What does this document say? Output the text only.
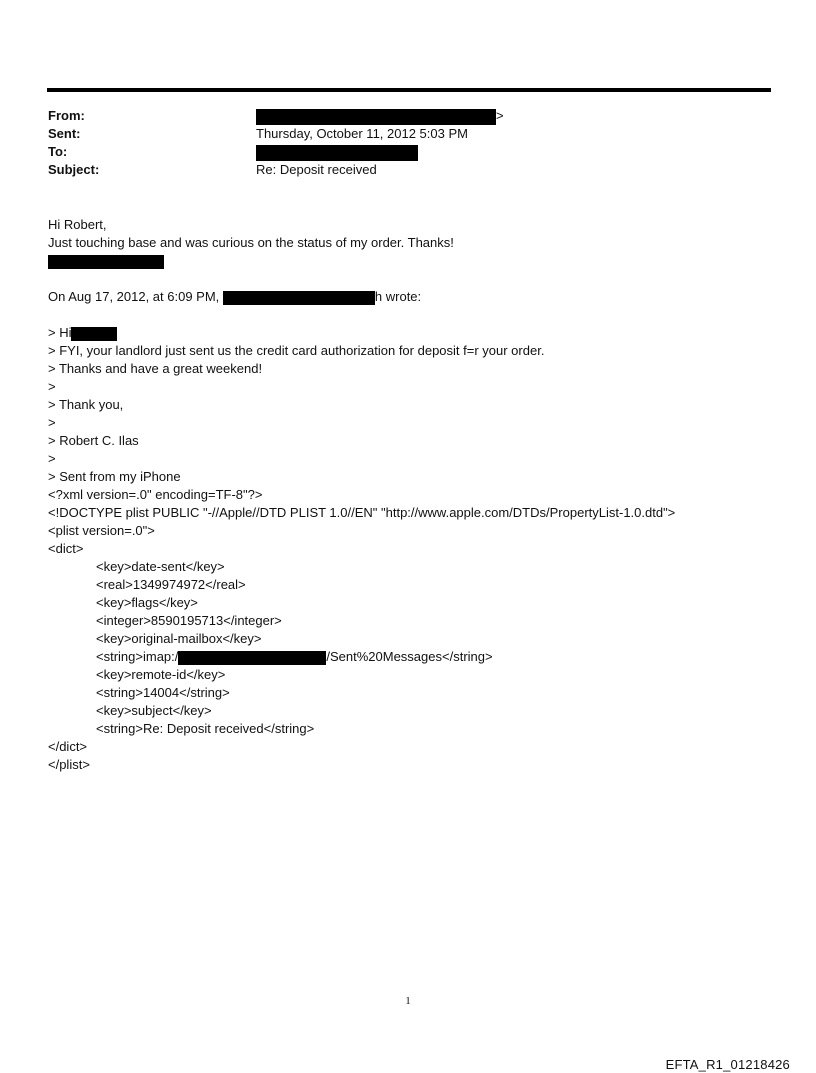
From:	>
Sent:	Thursday, October 11, 2012 5:03 PM
To:
Subject:	Re: Deposit received
Hi Robert,
Just touching base and was curious on the status of my order. Thanks!
On Aug 17, 2012, at 6:09 PM,	h wrote:
> Hi
> FYI, your landlord just sent us the credit card authorization for deposit f=r your order.
> Thanks and have a great weekend!
>
> Thank you,
>
> Robert C. Ilas
>
> Sent from my iPhone
<?xml version=.0" encoding=TF-8"?>
<!DOCTYPE plist PUBLIC "-//Apple//DTD PLIST 1.0//EN" "http://www.apple.com/DTDs/PropertyList-1.0.dtd">
<plist version=.0">
<dict>
<key>date-sent</key>
<real>1349974972</real>
<key>flags</key>
<integer>8590195713</integer>
<key>original-mailbox</key>
<string>imap:/	/Sent%20Messages</string>
<key>remote-id</key>
<string>14004</string>
<key>subject</key>
<string>Re: Deposit received</string>
</dict>
</plist>
1
EFTA_R1_01218426
